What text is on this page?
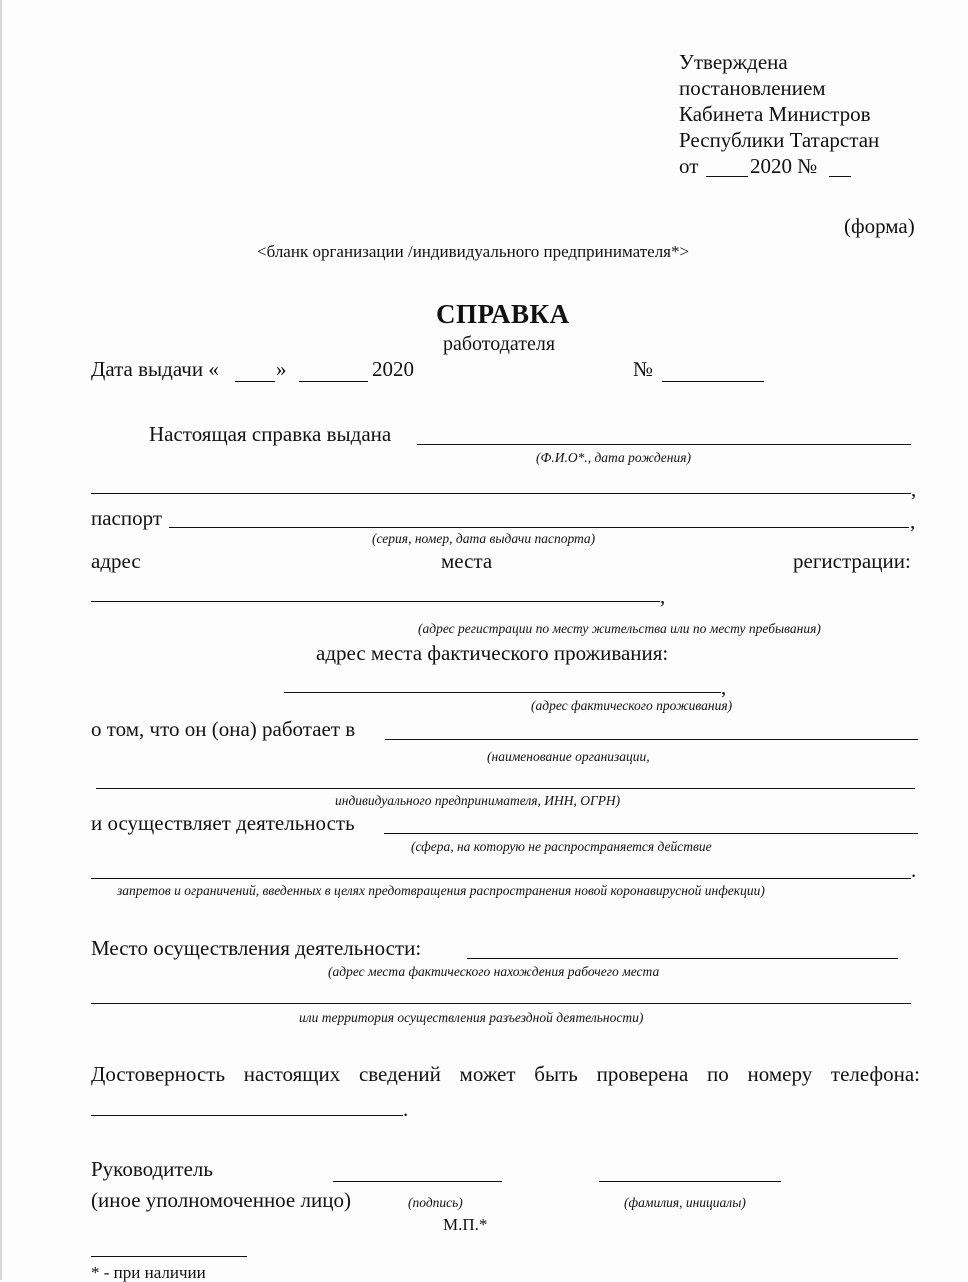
Утверждена
постановлением
Кабинета Министров
Республики Татарстан
от 2020 №
(форма)
<бланк организации /индивидуального предпринимателя*>
СПРАВКА
работодателя
Дата выдачи «	»	2020	№
Настоящая справка выдана
(Ф.И.О*., дата рождения)
,
паспорт	,
(серия, номер, дата выдачи паспорта)
адрес	места	регистрации:
,
(адрес регистрации по месту жительства или по месту пребывания)
адрес места фактического проживания:
,
(адрес фактического проживания)
о том, что он (она) работает в
(наименование организации,
индивидуального предпринимателя, ИНН, ОГРН)
и осуществляет деятельность
(сфера, на которую не распространяется действие
.
запретов и ограничений, введенных в целях предотвращения распространения новой коронавирусной инфекции)
Место осуществления деятельности:
(адрес места фактического нахождения рабочего места
или территория осуществления разъездной деятельности)
Достоверность настоящих сведений может быть проверена по номеру телефона:
.
Руководитель
(иное уполномоченное лицо)	(подпись)	(фамилия, инициалы)
М.П.*
* - при наличии
